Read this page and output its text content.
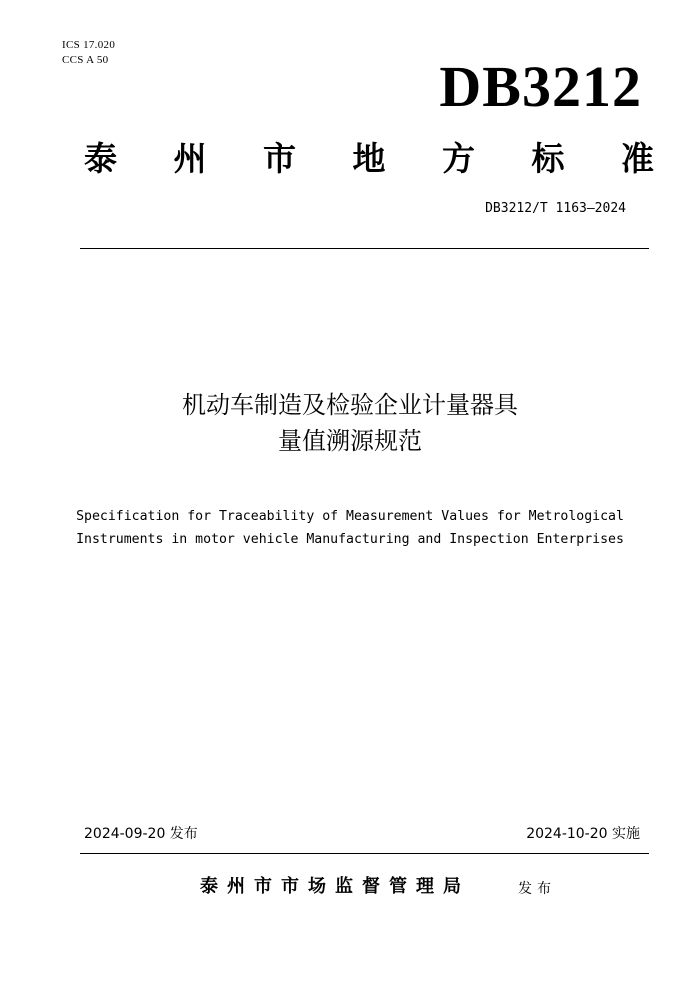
ICS 17.020
CCS A 50	DB3212
泰 州 市 地 方 标 准
DB3212/T 1163—2024
机动车制造及检验企业计量器具
量值溯源规范
Specification for Traceability of Measurement Values for Metrological
Instruments in motor vehicle Manufacturing and Inspection Enterprises
2024-09-20 发布	2024-10-20 实施
泰州市市场监督管理局	发布
